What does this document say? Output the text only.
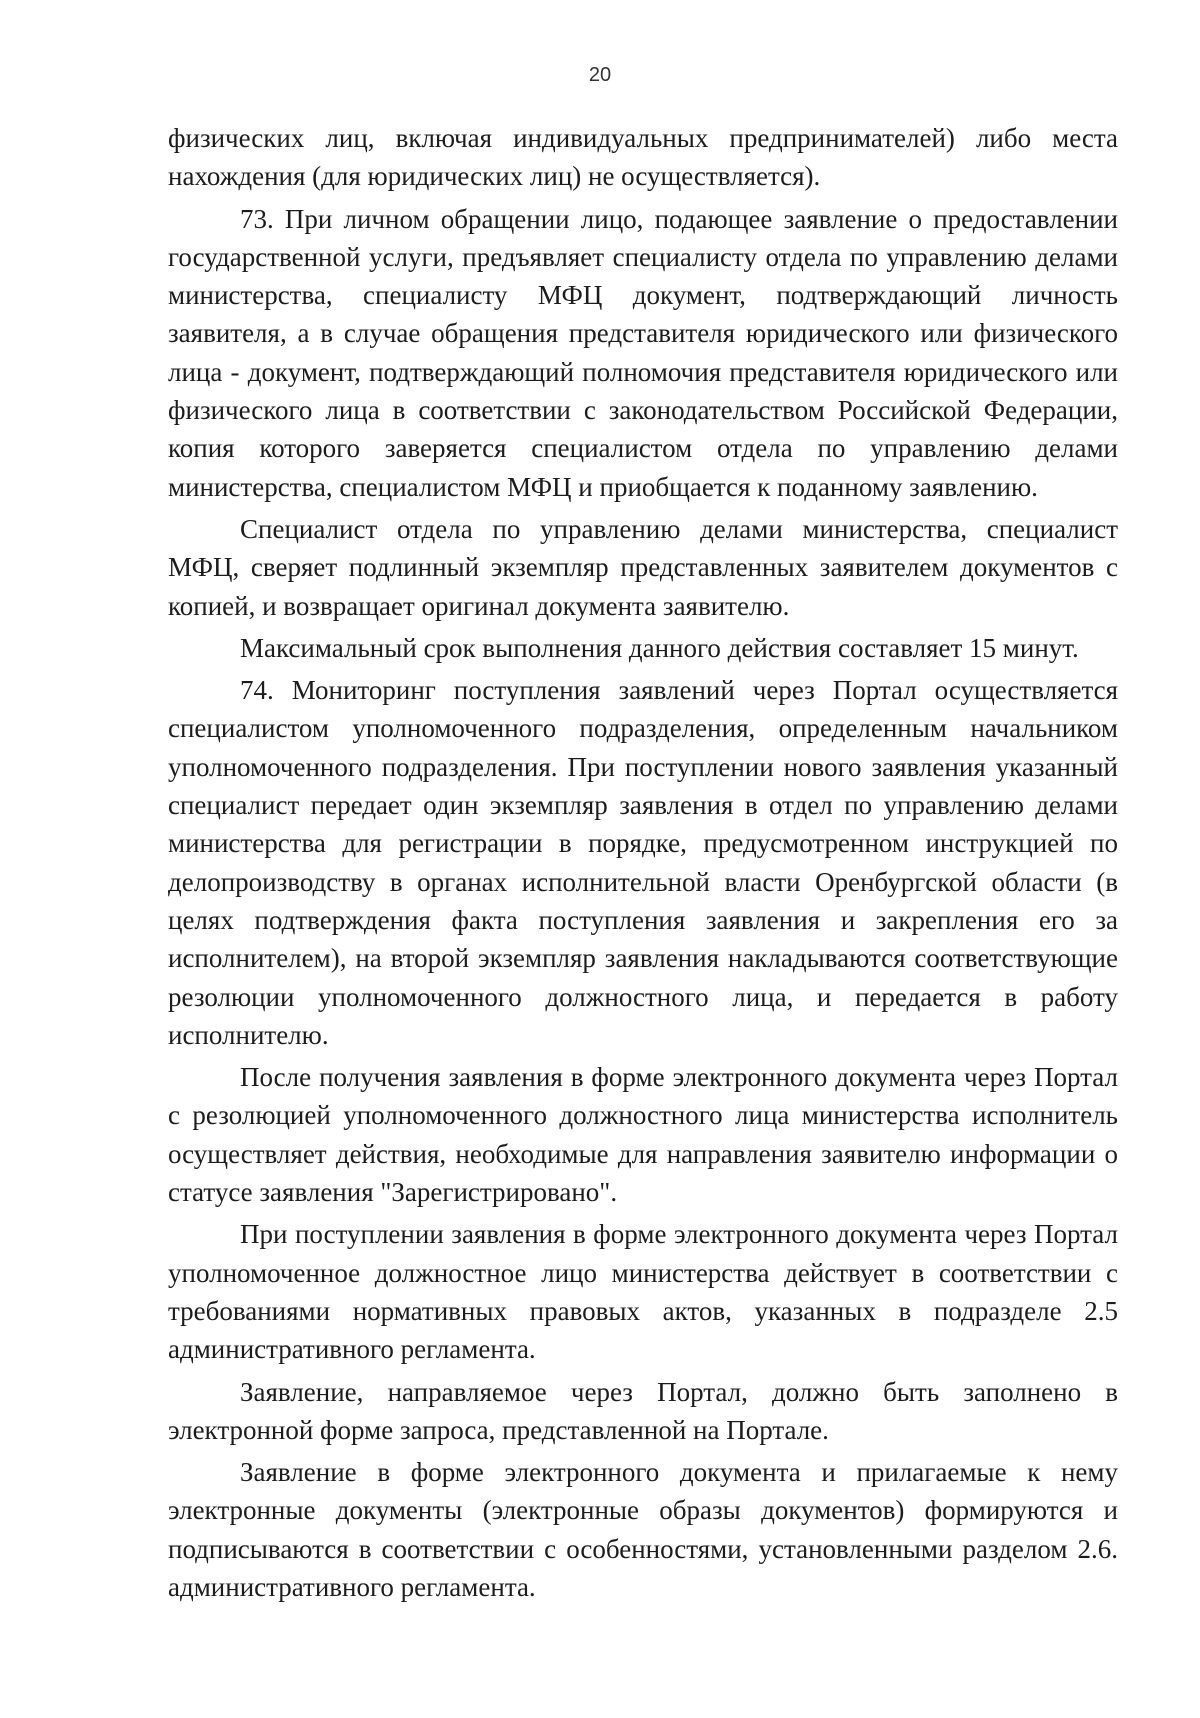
20

физических лиц, включая индивидуальных предпринимателей) либо места нахождения (для юридических лиц) не осуществляется).

73. При личном обращении лицо, подающее заявление о предоставлении государственной услуги, предъявляет специалисту отдела по управлению делами министерства, специалисту МФЦ документ, подтверждающий личность заявителя, а в случае обращения представителя юридического или физического лица - документ, подтверждающий полномочия представителя юридического или физического лица в соответствии с законодательством Российской Федерации, копия которого заверяется специалистом отдела по управлению делами министерства, специалистом МФЦ и приобщается к поданному заявлению.

Специалист отдела по управлению делами министерства, специалист МФЦ, сверяет подлинный экземпляр представленных заявителем документов с копией, и возвращает оригинал документа заявителю.

Максимальный срок выполнения данного действия составляет 15 минут.

74. Мониторинг поступления заявлений через Портал осуществляется специалистом уполномоченного подразделения, определенным начальником уполномоченного подразделения. При поступлении нового заявления указанный специалист передает один экземпляр заявления в отдел по управлению делами министерства для регистрации в порядке, предусмотренном инструкцией по делопроизводству в органах исполнительной власти Оренбургской области (в целях подтверждения факта поступления заявления и закрепления его за исполнителем), на второй экземпляр заявления накладываются соответствующие резолюции уполномоченного должностного лица, и передается в работу исполнителю.

После получения заявления в форме электронного документа через Портал с резолюцией уполномоченного должностного лица министерства исполнитель осуществляет действия, необходимые для направления заявителю информации о статусе заявления "Зарегистрировано".

При поступлении заявления в форме электронного документа через Портал уполномоченное должностное лицо министерства действует в соответствии с требованиями нормативных правовых актов, указанных в подразделе 2.5 административного регламента.

Заявление, направляемое через Портал, должно быть заполнено в электронной форме запроса, представленной на Портале.

Заявление в форме электронного документа и прилагаемые к нему электронные документы (электронные образы документов) формируются и подписываются в соответствии с особенностями, установленными разделом 2.6. административного регламента.
